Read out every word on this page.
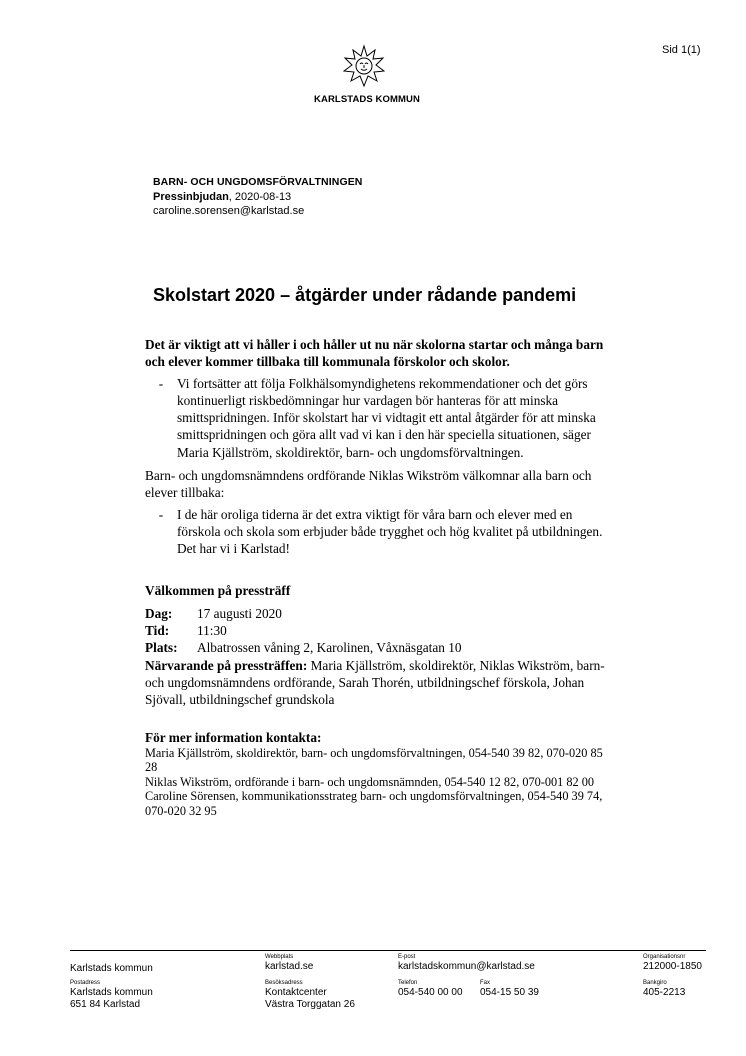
Sid 1(1)
KARLSTADS KOMMUN
BARN- OCH UNGDOMSFÖRVALTNINGEN
Pressinbjudan, 2020-08-13
caroline.sorensen@karlstad.se
Skolstart 2020 – åtgärder under rådande pandemi

Det är viktigt att vi håller i och håller ut nu när skolorna startar och många barn och elever kommer tillbaka till kommunala förskolor och skolor.

-	Vi fortsätter att följa Folkhälsomyndighetens rekommendationer och det görs kontinuerligt riskbedömningar hur vardagen bör hanteras för att minska smittspridningen. Inför skolstart har vi vidtagit ett antal åtgärder för att minska smittspridningen och göra allt vad vi kan i den här speciella situationen, säger Maria Kjällström, skoldirektör, barn- och ungdomsförvaltningen.

Barn- och ungdomsnämndens ordförande Niklas Wikström välkomnar alla barn och elever tillbaka:

-	I de här oroliga tiderna är det extra viktigt för våra barn och elever med en förskola och skola som erbjuder både trygghet och hög kvalitet på utbildningen. Det har vi i Karlstad!

Välkommen på pressträff

Dag:	17 augusti 2020
Tid:	11:30
Plats:	Albatrossen våning 2, Karolinen, Våxnäsgatan 10

Närvarande på pressträffen: Maria Kjällström, skoldirektör, Niklas Wikström, barn- och ungdomsnämndens ordförande, Sarah Thorén, utbildningschef förskola, Johan Sjövall, utbildningschef grundskola

För mer information kontakta:

Maria Kjällström, skoldirektör, barn- och ungdomsförvaltningen, 054-540 39 82, 070-020 85 28

Niklas Wikström, ordförande i barn- och ungdomsnämnden, 054-540 12 82, 070-001 82 00

Caroline Sörensen, kommunikationsstrateg barn- och ungdomsförvaltningen, 054-540 39 74, 070-020 32 95

Karlstads kommun
Webbplats
karlstad.se
E-post
karlstadskommun@karlstad.se
Organisationsnr
212000-1850
Postadress
Karlstads kommun
651 84 Karlstad
Besöksadress
Kontaktcenter
Västra Torggatan 26
Telefon
054-540 00 00
Fax
054-15 50 39
Bankgiro
405-2213
